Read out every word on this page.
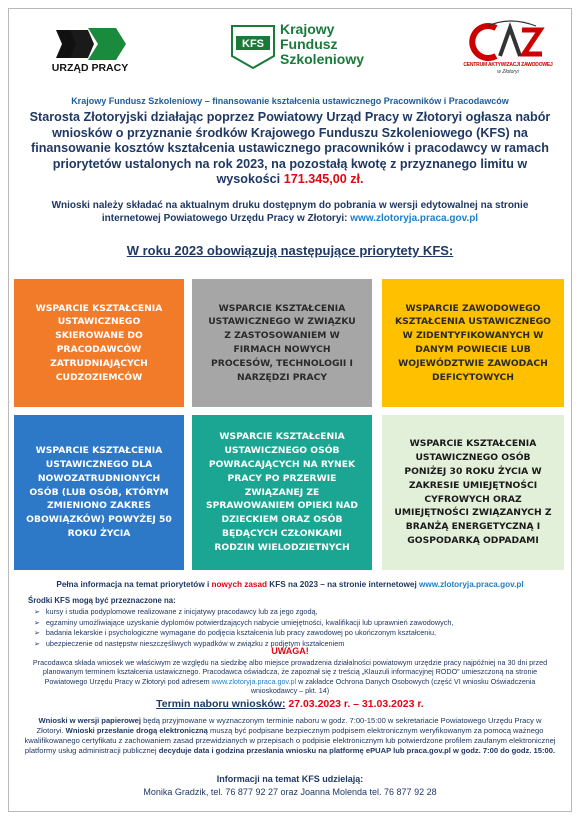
URZĄD PRACY
KFS
Krajowy
Fundusz
Szkoleniowy	CENTRUM AKTYWIZACJI ZAWODOWEJ
w Złotoryi
Krajowy Fundusz Szkoleniowy – finansowanie kształcenia ustawicznego Pracowników i Pracodawców
Starosta Złotoryjski działając poprzez Powiatowy Urząd Pracy w Złotoryi ogłasza nabór wniosków o przyznanie środków Krajowego Funduszu Szkoleniowego (KFS) na finansowanie kosztów kształcenia ustawicznego pracowników i pracodawcy w ramach priorytetów ustalonych na rok 2023, na pozostałą kwotę z przyznanego limitu w wysokości 171.345,00 zł.
Wnioski należy składać na aktualnym druku dostępnym do pobrania w wersji edytowalnej na stronie internetowej Powiatowego Urzędu Pracy w Złotoryi: www.zlotoryja.praca.gov.pl
W roku 2023 obowiązują następujące priorytety KFS:
WSPARCIE KSZTAŁCENIA USTAWICZNEGO SKIEROWANE DO PRACODAWCÓW ZATRUDNIAJĄCYCH CUDZOZIEMCÓW
WSPARCIE KSZTAŁCENIA USTAWICZNEGO W ZWIĄZKU Z ZASTOSOWANIEM W FIRMACH NOWYCH PROCESÓW, TECHNOLOGII I NARZĘDZI PRACY
WSPARCIE ZAWODOWEGO KSZTAŁCENIA USTAWICZNEGO W ZIDENTYFIKOWANYCH W DANYM POWIECIE LUB WOJEWÓDZTWIE ZAWODACH DEFICYTOWYCH
WSPARCIE KSZTAŁCENIA USTAWICZNEGO DLA NOWOZATRUDNIONYCH OSÓB (LUB OSÓB, KTÓRYM ZMIENIONO ZAKRES OBOWIĄZKÓW) POWYŻEJ 50 ROKU ŻYCIA
WSPARCIE KSZTAŁcENIA USTAWICZNEGO OSÓB POWRACAJĄCYCH NA RYNEK PRACY PO PRZERWIE ZWIĄZANEJ ZE SPRAWOWANIEM OPIEKI NAD DZIECKIEM ORAZ OSÓB BĘDĄCYCH CZŁONKAMI RODZIN WIELODZIETNYCH
WSPARCIE KSZTAŁCENIA USTAWICZNEGO OSÓB PONIŻEJ 30 ROKU ŻYCIA W ZAKRESIE UMIEJĘTNOŚCI CYFROWYCH ORAZ UMIEJĘTNOŚCI ZWIĄZANYCH Z BRANŻĄ ENERGETYCZNĄ I GOSPODARKĄ ODPADAMI
Pełna informacja na temat priorytetów i nowych zasad KFS na 2023 – na stronie internetowej www.zlotoryja.praca.gov.pl
Środki KFS mogą być przeznaczone na:
➢ kursy i studia podyplomowe realizowane z inicjatywy pracodawcy lub za jego zgodą,
➢ egzaminy umożliwiające uzyskanie dyplomów potwierdzających nabycie umiejętności, kwalifikacji lub uprawnień zawodowych,
➢ badania lekarskie i psychologiczne wymagane do podjęcia kształcenia lub pracy zawodowej po ukończonym kształceniu,
➢ ubezpieczenie od następstw nieszczęśliwych wypadków w związku z podjętym kształceniem
UWAGA!
Pracodawca składa wniosek we właściwym ze względu na siedzibę albo miejsce prowadzenia działalności powiatowym urzędzie pracy najpóźniej na 30 dni przed planowanym terminem kształcenia ustawicznego. Pracodawca oświadcza, że zapoznał się z treścią „Klauzuli informacyjnej RODO” umieszczoną na stronie Powiatowego Urzędu Pracy w Złotoryi pod adresem www.zlotoryja.praca.gov.pl w zakładce Ochrona Danych Osobowych (część VI wniosku Oświadczenia wnioskodawcy – pkt. 14)
Termin naboru wniosków: 27.03.2023 r. – 31.03.2023 r.
Wnioski w wersji papierowej będą przyjmowane w wyznaczonym terminie naboru w godz. 7:00-15:00 w sekretariacie Powiatowego Urzędu Pracy w Złotoryi. Wnioski przesłanie drogą elektroniczną muszą być podpisane bezpiecznym podpisem elektronicznym weryfikowanym za pomocą ważnego kwalifikowanego certyfikatu z zachowaniem zasad przewidzianych w przepisach o podpisie elektronicznym lub potwierdzone profilem zaufanym elektronicznej platformy usług administracji publicznej decyduje data i godzina przesłania wniosku na platformę ePUAP lub praca.gov.pl w godz. 7:00 do godz. 15:00.
Informacji na temat KFS udzielają:
Monika Gradzik, tel. 76 877 92 27 oraz Joanna Molenda tel. 76 877 92 28
